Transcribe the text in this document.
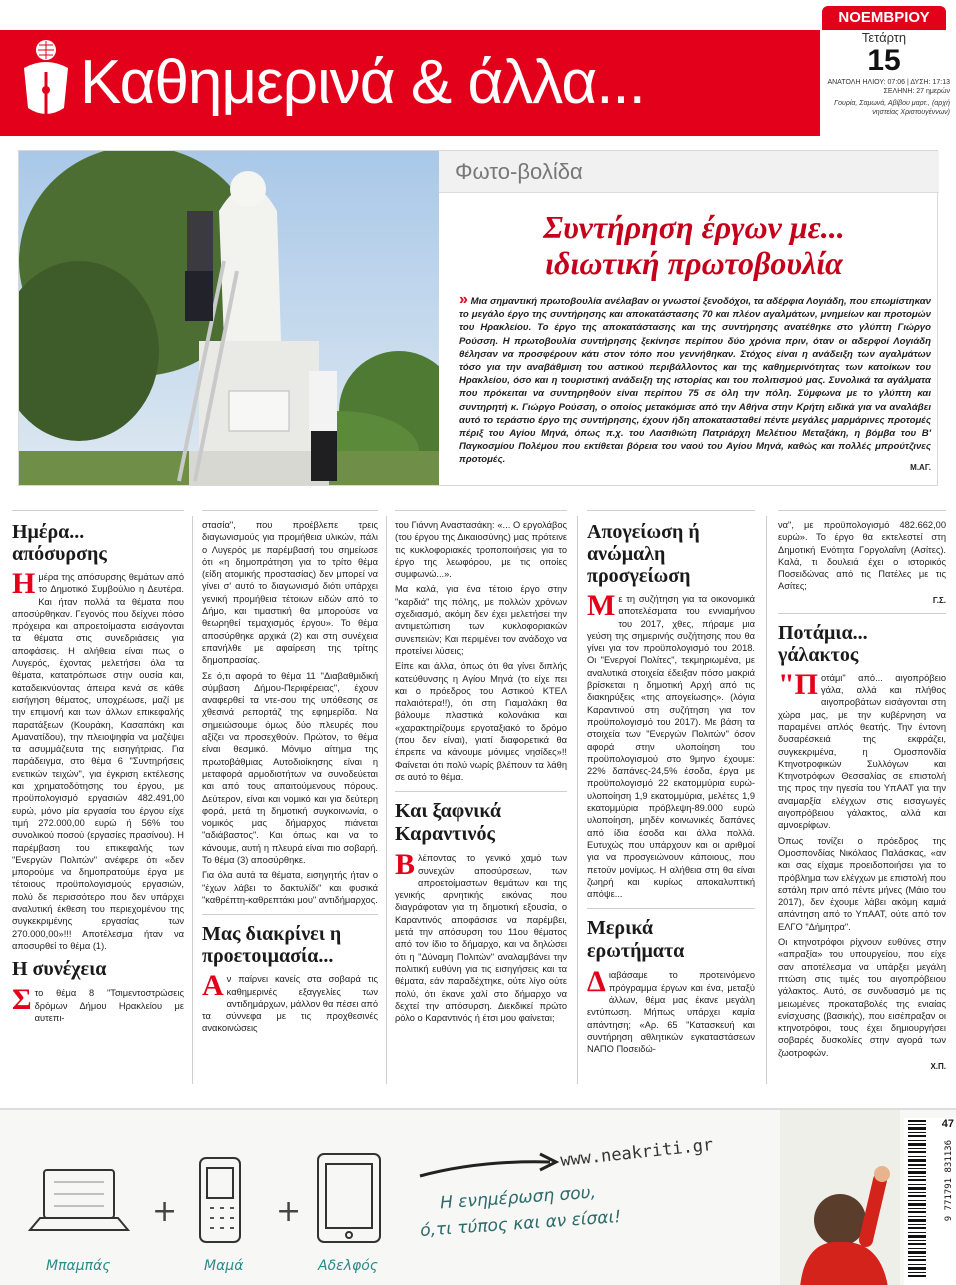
Καθημερινά & άλλα...
ΝΟΕΜΒΡΙΟΥ
Τετάρτη
15
ΑΝΑΤΟΛΗ ΗΛΙΟΥ: 07:06 | ΔΥΣΗ: 17:13
ΣΕΛΗΝΗ: 27 ημερών
Γουρία, Σαμωνά, Αβίβου μαρτ., (αρχή νηστείας Χριστουγέννων)
Φωτο-βολίδα
Συντήρηση έργων με...
ιδιωτική πρωτοβουλία
» Μια σημαντική πρωτοβουλία ανέλαβαν οι γνωστοί ξενοδόχοι, τα αδέρφια Λογιάδη, που επωμίστηκαν το μεγάλο έργο της συντήρησης και αποκατάστασης 70 και πλέον αγαλμάτων, μνημείων και προτομών του Ηρακλείου. Το έργο της αποκατάστασης και της συντήρησης ανατέθηκε στο γλύπτη Γιώργο Ρούσση. Η πρωτοβουλία συντήρησης ξεκίνησε περίπου δύο χρόνια πριν, όταν οι αδερφοί Λογιάδη θέλησαν να προσφέρουν κάτι στον τόπο που γεννήθηκαν. Στόχος είναι η ανάδειξη των αγαλμάτων τόσο για την αναβάθμιση του αστικού περιβάλλοντος και της καθημερινότητας των κατοίκων του Ηρακλείου, όσο και η τουριστική ανάδειξη της ιστορίας και του πολιτισμού μας. Συνολικά τα αγάλματα που πρόκειται να συντηρηθούν είναι περίπου 75 σε όλη την πόλη. Σύμφωνα με το γλύπτη και συντηρητή κ. Γιώργο Ρούσση, ο οποίος μετακόμισε από την Αθήνα στην Κρήτη ειδικά για να αναλάβει αυτό το τεράστιο έργο της συντήρησης, έχουν ήδη αποκατασταθεί πέντε μεγάλες μαρμάρινες προτομές πέριξ του Αγίου Μηνά, όπως π.χ. του Λασιθιώτη Πατριάρχη Μελέτιου Μεταξάκη, η βόμβα του Β' Παγκοσμίου Πολέμου που εκτίθεται βόρεια του ναού του Αγίου Μηνά, καθώς και πολλές μπρούτζινες προτομές.
Μ.ΑΓ.
Ημέρα... απόσυρσης
Η μέρα της απόσυρσης θεμάτων από το Δημοτικό Συμβούλιο η Δευτέρα. Και ήταν πολλά τα θέματα που αποσύρθηκαν. Γεγονός που δείχνει πόσο πρόχειρα και απροετοίμαστα εισάγονται τα θέματα στις συνεδριάσεις για αποφάσεις. Η αλήθεια είναι πως ο Λυγερός, έχοντας μελετήσει όλα τα θέματα, κατατρόπωσε στην ουσία και, καταδεικνύοντας άπειρα κενά σε κάθε εισήγηση θέματος, υποχρέωσε, μαζί με την επιμονή και των άλλων επικεφαλής παρατάξεων (Κουράκη, Κασαπάκη και Αμανατίδου), την πλειοψηφία να μαζέψει τα ασυμμάζευτα της εισηγήτριας. Για παράδειγμα, στο θέμα 6 "Συντηρήσεις ενετικών τειχών", για έγκριση εκτέλεσης και χρηματοδότησης του έργου, με προϋπολογισμό εργασιών 482.491,00 ευρώ, μόνο μία εργασία του έργου είχε τιμή 272.000,00 ευρώ ή 56% του συνολικού ποσού (εργασίες πρασίνου). Η παρέμβαση του επικεφαλής των "Ενεργών Πολιτών" ανέφερε ότι «δεν μπορούμε να δημοπρατούμε έργα με τέτοιους προϋπολογισμούς εργασιών, πολύ δε περισσότερο που δεν υπάρχει αναλυτική έκθεση του περιεχομένου της συγκεκριμένης εργασίας των 270.000,00»!!! Αποτέλεσμα ήταν να αποσυρθεί το θέμα (1).
Η συνέχεια
Σ το θέμα 8 "Τσιμεντοστρώσεις δρόμων Δήμου Ηρακλείου με αυτεπι-

στασία", που προέβλεπε τρεις διαγωνισμούς για προμήθεια υλικών, πάλι ο Λυγερός με παρέμβασή του σημείωσε ότι «η δημοπράτηση για το τρίτο θέμα (είδη ατομικής προστασίας) δεν μπορεί να γίνει σ' αυτό το διαγωνισμό διότι υπάρχει γενική προμήθεια τέτοιων ειδών από το Δήμο, και τιμαστική θα μπορούσε να θεωρηθεί τεμαχισμός έργου». Το θέμα αποσύρθηκε αρχικά (2) και στη συνέχεια επανήλθε με αφαίρεση της τρίτης δημοπρασίας.

Σε ό,τι αφορά το θέμα 11 "Διαβαθμιδική σύμβαση Δήμου-Περιφέρειας", έχουν αναφερθεί τα ντε-σου της υπόθεσης σε χθεσινά ρεπορτάζ της εφημερίδα. Να σημειώσουμε όμως δύο πλευρές που αξίζει να προσεχθούν. Πρώτον, το θέμα είναι θεσμικό. Μόνιμο αίτημα της πρωτοβάθμιας Αυτοδιοίκησης είναι η μεταφορά αρμοδιοτήτων να συνοδεύεται και από τους απαιτούμενους πόρους. Δεύτερον, είναι και νομικό και για δεύτερη φορά, μετά τη δημοτική συγκοινωνία, ο νομικός μας δήμαρχος πιάνεται "αδιάβαστος". Και όπως και να το κάνουμε, αυτή η πλευρά είναι πιο σοβαρή. Το θέμα (3) αποσύρθηκε.

Για όλα αυτά τα θέματα, εισηγητής ήταν ο "έχων λάβει το δακτυλίδι" και φυσικά "καθρέπτη-καθρεπτάκι μου" αντιδήμαρχος.

Μας διακρίνει η προετοιμασία...
Α ν παίρνει κανείς στα σοβαρά τις καθημερινές εξαγγελίες των αντιδημάρχων, μάλλον θα πέσει από τα σύννεφα με τις προχθεσινές ανακοινώσεις

του Γιάννη Αναστασάκη: «... Ο εργολάβος (του έργου της Δικαιοσύνης) μας πρότεινε τις κυκλοφοριακές τροποποιήσεις για το έργο της λεωφόρου, με τις οποίες συμφωνώ...».

Μα καλά, για ένα τέτοιο έργο στην "καρδιά" της πόλης, με πολλών χρόνων σχεδιασμό, ακόμη δεν έχει μελετήσει την αντιμετώπιση των κυκλοφοριακών συνεπειών; Και περιμένει τον ανάδοχο να προτείνει λύσεις;

Είπε και άλλα, όπως ότι θα γίνει διπλής κατεύθυνσης η Αγίου Μηνά (το είχε πει και ο πρόεδρος του Αστικού ΚΤΕΛ παλαιότερα!!), ότι στη Γιαμαλάκη θα βάλουμε πλαστικά κολονάκια και «χαρακτηρίζουμε εργοταξιακό το δρόμο (που δεν είναι), γιατί διαφορετικά θα έπρεπε να κάνουμε μόνιμες νησίδες»!! Φαίνεται ότι πολύ νωρίς βλέπουν τα λάθη σε αυτό το θέμα.

Και ξαφνικά Καραντινός
Β λέποντας το γενικό χαμό των συνεχών αποσύρσεων, των απροετοίμαστων θεμάτων και της γενικής αρνητικής εικόνας που διαγράφοταν για τη δημοτική εξουσία, ο Καραντινός αποφάσισε να παρέμβει, μετά την απόσυρση του 11ου θέματος από τον ίδιο το δήμαρχο, και να δηλώσει ότι η "Δύναμη Πολιτών" αναλαμβάνει την πολιτική ευθύνη για τις εισηγήσεις και τα θέματα, εάν παραδέχτηκε, ούτε λίγο ούτε πολύ, ότι έκανε χαλί στο δήμαρχο να δεχτεί την απόσυρση. Διεκδικεί πρώτο ρόλο ο Καραντινός ή έτσι μου φαίνεται;
Απογείωση ή ανώμαλη προσγείωση
Μ ε τη συζήτηση για τα οικονομικά αποτελέσματα του εννιαμήνου του 2017, χθες, πήραμε μια γεύση της σημερινής συζήτησης που θα γίνει για τον προϋπολογισμό του 2018. Οι "Ενεργοί Πολίτες", τεκμηριωμένα, με αναλυτικά στοιχεία έδειξαν πόσο μακριά βρίσκεται η δημοτική Αρχή από τις διακηρύξεις «της απογείωσης». (λόγια Καραντινού στη συζήτηση για τον προϋπολογισμό του 2017). Με βάση τα στοιχεία των "Ενεργών Πολιτών" όσον αφορά στην υλοποίηση του προϋπολογισμού στο 9μηνο έχουμε: 22% δαπάνες-24,5% έσοδα, έργα με προϋπολογισμό 22 εκατομμύρια ευρώ-υλοποίηση 1,9 εκατομμύρια, μελέτες 1,9 εκατομμύρια πρόβλεψη-89.000 ευρώ υλοποίηση, μηδέν κοινωνικές δαπάνες από ίδια έσοδα και άλλα πολλά. Ευτυχώς που υπάρχουν και οι αριθμοί για να προσγειώνουν κάποιους, που πετούν μονίμως. Η αλήθεια στη θα είναι ζωηρή και κυρίως αποκαλυπτική απόψε...
Μερικά ερωτήματα
Δ ιαβάσαμε το προτεινόμενο πρόγραμμα έργων και ένα, μεταξύ άλλων, θέμα μας έκανε μεγάλη εντύπωση. Μήπως υπάρχει καμία απάντηση; «Αρ. 65 "Κατασκευή και συντήρηση αθλητικών εγκαταστάσεων ΝΑΠΟ Ποσειδώ-

να", με προϋπολογισμό 482.662,00 ευρώ». Το έργο θα εκτελεστεί στη Δημοτική Ενότητα Γοργολαΐνη (Ασίτες). Καλά, τι δουλειά έχει ο ιστορικός Ποσειδώνας από τις Πατέλες με τις Ασίτες;

Γ.Σ.
Ποτάμια... γάλακτος

"Π οτάμι" από... αιγοπρόβειο γάλα, αλλά και πλήθος αιγοπροβάτων εισάγονται στη χώρα μας, με την κυβέρνηση να παραμένει απλός θεατής. Την έντονη δυσαρέσκειά της εκφράζει, συγκεκριμένα, η Ομοσπονδία Κτηνοτροφικών Συλλόγων και Κτηνοτρόφων Θεσσαλίας σε επιστολή της προς την ηγεσία του ΥπΑΑΤ για την αναμαρξία ελέγχων στις εισαγωγές αιγοπρόβειου γάλακτος, αλλά και αμνοερίφων.

Όπως τονίζει ο πρόεδρος της Ομοσπονδίας Νικόλαος Παλάσκας, «αν και σας είχαμε προειδοποιήσει για το πρόβλημα των ελέγχων με επιστολή που εστάλη πριν από πέντε μήνες (Μάιο του 2017), δεν έχουμε λάβει ακόμη καμιά απάντηση από το ΥπΑΑΤ, ούτε από τον ΕΛΓΟ "Δήμητρα".

Οι κτηνοτρόφοι ρίχνουν ευθύνες στην «απραξία» του υπουργείου, που είχε σαν αποτέλεσμα να υπάρξει μεγάλη πτώση στις τιμές του αιγοπρόβειου γάλακτος. Αυτό, σε συνδυασμό με τις μειωμένες προκαταβολές της ενιαίας ενίσχυσης (βασικής), που εισέπραξαν οι κτηνοτρόφοι, τους έχει δημιουργήσει σοβαρές δυσκολίες στην αγορά των ζωοτροφών.

Χ.Π.
www.neakriti.gr
Η ενημέρωση σου,
ό,τι τύπος και αν είσαι!
+	+
Μπαμπάς	Μαμά	Αδελφός
47
9 771791 831136
